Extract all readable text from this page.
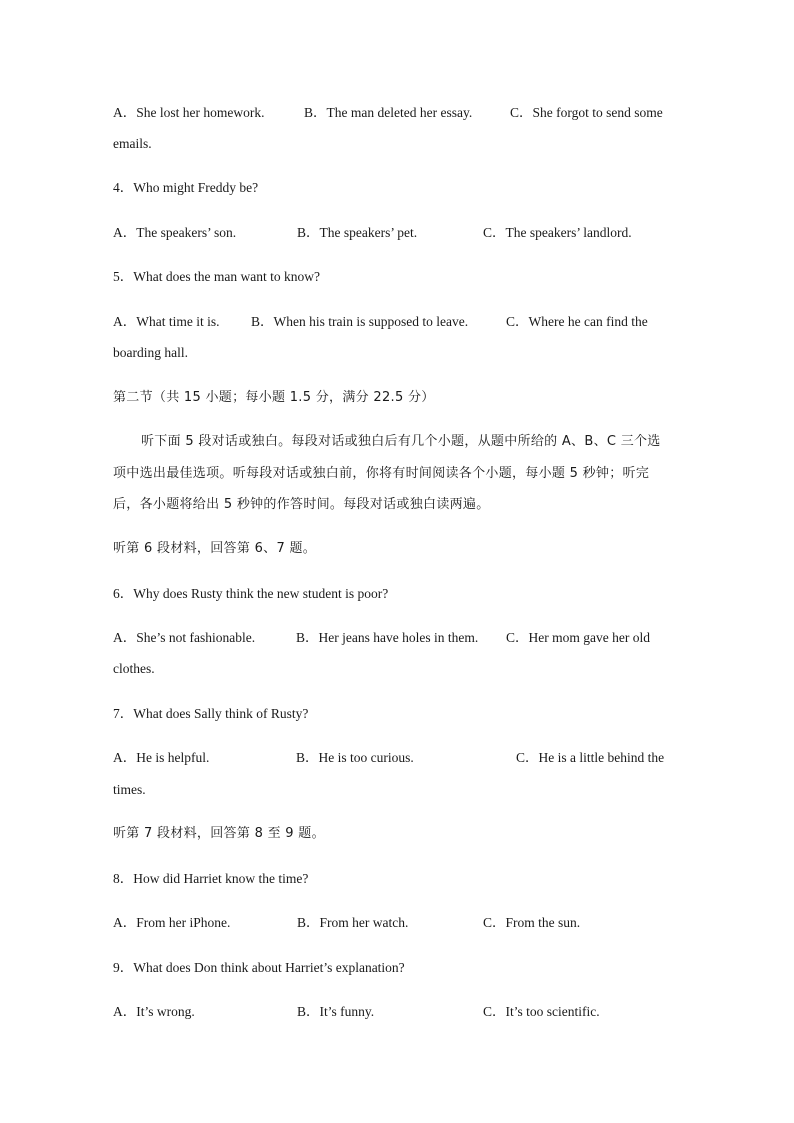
A．She lost her homework.	B．The man deleted her essay.	C．She forgot to send some
emails.
4．Who might Freddy be?
A．The speakers’ son.	B．The speakers’ pet.	C．The speakers’ landlord.
5．What does the man want to know?
A．What time it is. B．When his train is supposed to leave.	C．Where he can find the
boarding hall.
第二节（共 15 小题；每小题 1.5 分，满分 22.5 分）
听下面 5 段对话或独白。每段对话或独白后有几个小题，从题中所给的 A、B、C 三个选
项中选出最佳选项。听每段对话或独白前，你将有时间阅读各个小题，每小题 5 秒钟；听完
后，各小题将给出 5 秒钟的作答时间。每段对话或独白读两遍。
听第 6 段材料，回答第 6、7 题。
6．Why does Rusty think the new student is poor?
A．She’s not fashionable.	B．Her jeans have holes in them. C．Her mom gave her old
clothes.
7．What does Sally think of Rusty?
A．He is helpful.	B．He is too curious.	C．He is a little behind the
times.
听第 7 段材料，回答第 8 至 9 题。
8．How did Harriet know the time?
A．From her iPhone.	B．From her watch.	C．From the sun.
9．What does Don think about Harriet’s explanation?
A．It’s wrong.	B．It’s funny.	C．It’s too scientific.
